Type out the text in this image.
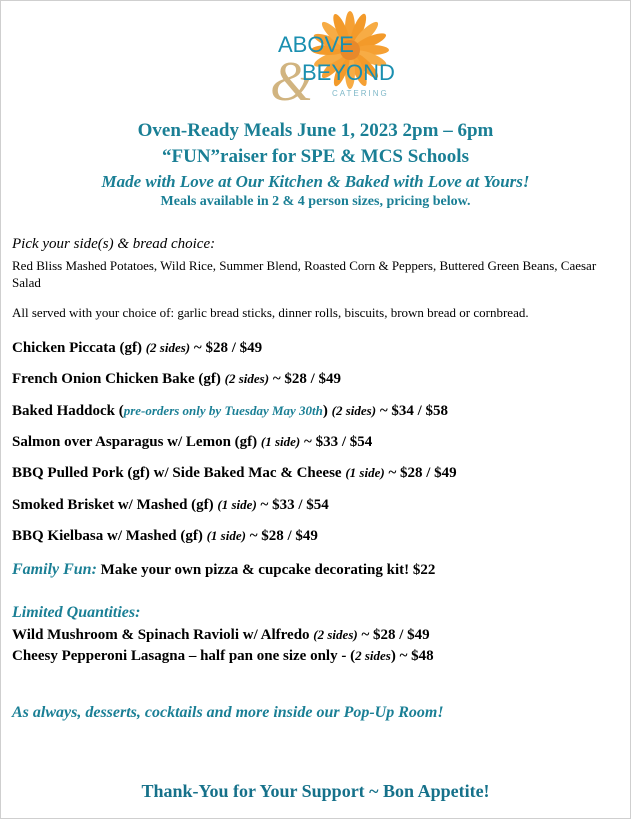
ABOVE
&
BEYOND
CATERING
Oven-Ready Meals June 1, 2023 2pm – 6pm
“FUN”raiser for SPE & MCS Schools
Made with Love at Our Kitchen & Baked with Love at Yours!
Meals available in 2 & 4 person sizes, pricing below.
Pick your side(s) & bread choice:
Red Bliss Mashed Potatoes, Wild Rice, Summer Blend, Roasted Corn & Peppers, Buttered Green Beans, Caesar Salad
All served with your choice of: garlic bread sticks, dinner rolls, biscuits, brown bread or cornbread.
Chicken Piccata (gf) (2 sides) ~ $28 / $49
French Onion Chicken Bake (gf) (2 sides) ~ $28 / $49
Baked Haddock (pre-orders only by Tuesday May 30th) (2 sides) ~ $34 / $58
Salmon over Asparagus w/ Lemon (gf) (1 side) ~ $33 / $54
BBQ Pulled Pork (gf) w/ Side Baked Mac & Cheese (1 side) ~ $28 / $49
Smoked Brisket w/ Mashed (gf) (1 side) ~ $33 / $54
BBQ Kielbasa w/ Mashed (gf) (1 side) ~ $28 / $49
Family Fun: Make your own pizza & cupcake decorating kit! $22
Limited Quantities:
Wild Mushroom & Spinach Ravioli w/ Alfredo (2 sides) ~ $28 / $49
Cheesy Pepperoni Lasagna – half pan one size only - (2 sides) ~ $48
As always, desserts, cocktails and more inside our Pop-Up Room!
Thank-You for Your Support ~ Bon Appetite!
